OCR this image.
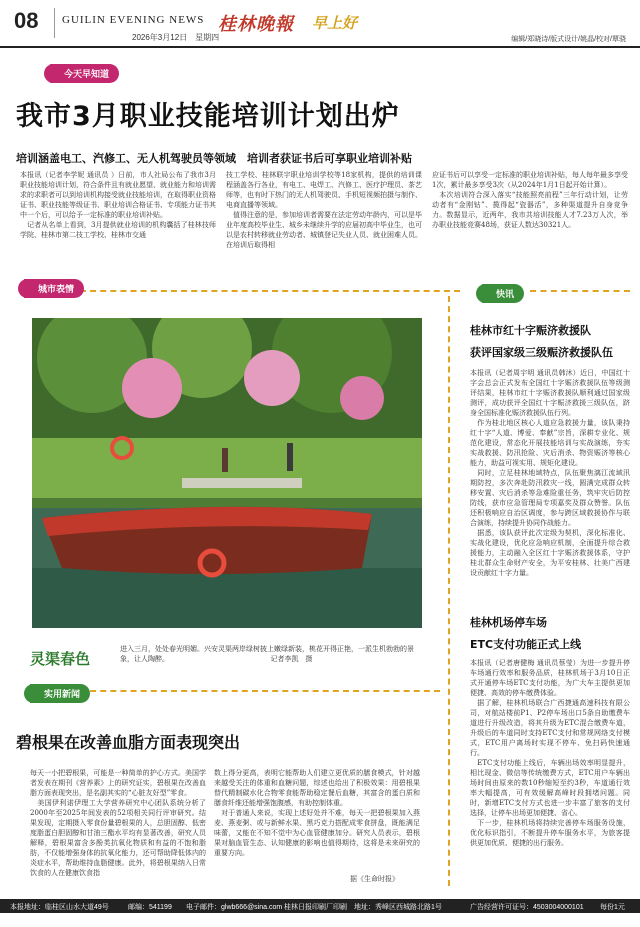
08 GUILIN EVENING NEWS
2026年3月12日　星期四
桂林晚報 早上好
编辑/郑晓诗/版式设计/姚晶/校对/覃骁
今天早知道
我市3月职业技能培训计划出炉
培训涵盖电工、汽修工、无人机驾驶员等领域　培训者获证书后可享职业培训补贴
本报讯（记者李学妮 通讯员 ）日前，市人社局公布了我市3月职业技能培训计划，符合条件且有就业愿望、就业能力和培训需求的求职者可以到培训机构接受就业技能培训，在取得职业资格证书、职业技能等级证书、职业培训合格证书、专项能力证书其中一个后，可以给予一定标准的职业培训补贴。
　记者从名单上看到，3月提供就业培训的机构囊括了桂林技师学院、桂林市第二技工学校、桂林市交通
技工学校、桂林联宇职业培训学校等18家机构，提供的培训课程涵盖各行各业，有电工、电焊工、汽修工、医疗护理员、茶艺师等，也有时下热门的无人机驾驶员、手机短视频拍摄与制作、电商直播等领域。
　值得注意的是，参加培训者需要在法定劳动年龄内，可以是毕业年度高校毕业生、城乡未继续升学的应届初高中毕业生，也可以是农村转移就业劳动者、城镇登记失业人员、就业困难人员。在培训后取得相
应证书后可以享受一定标准的职业培训补贴，每人每年最多享受1次，累计最多享受3次（从2024年1月1日起开始计算）。
　本次培训符合深入落实“技能照亮前程”三年行动计划，让劳动者有“金刚钻”、揽得起“瓷器活”，多种渠道提升自身竞争力。数据显示，近两年，我市共培训技能人才7.23万人次，举办职业技能竞赛48场，获证人数达30321人。
城市表情	快讯
灵渠春色
进入三月，处处春光明媚。兴安灵渠两岸绿树披上嫩绿新装，桃花开得正艳，一派生机勃勃的景象，让人陶醉。　　　　　　　　　　　　　　　记者李凯　摄
桂林市红十字赈济救援队
获评国家级三级赈济救援队伍
本报讯（记者周宇明 通讯员韩沐）近日，中国红十字会总会正式发布全国红十字赈济救援队伍等级测评结果，桂林市红十字赈济救援队顺利通过国家级测评，成功获评全国红十字赈济救援三级队伍，跻身全国标准化赈济救援队伍行列。
　作为桂北地区核心人道应急救援力量，该队秉持红十字“人道、博爱、奉献”宗旨，深耕专业化、规范化建设，常态化开展技能培训与实战演练，夯实实战救援、防汛抢险、灾后消杀、物资赈济等核心能力，助益可视实用、规矩化建设。
　同时，立足桂林地域特点，队伍聚焦漓江流域汛期防控，多次奔赴防汛救灾一线，圆满完成群众转移安置、灾后消杀等急难险重任务，筑牢灾后防控防线，获市应急管理局专项嘉奖及群众赞誉。队伍还积极响应自治区调度，参与跨区域救援协作与联合演练，持续提升协同作战能力。
　据悉，该队获评此次定级为契机，深化标准化、实战化建设，优化应急响应机制，全面提升综合救援能力，主动融入全区红十字赈济救援体系，守护桂北群众生命财产安全，为平安桂林、壮美广西建设贡献红十字力量。
桂林机场停车场
ETC支付功能正式上线
本报讯（记者唐健梅 通讯员蔡莹）为进一步提升停车场通行效率和服务品质，桂林机场于3月10日正式开通停车场ETC支付功能，为广大车主提供更加便捷、高效的停车缴费体验。
　据了解，桂林机场联合广西捷通高速科技有限公司，对航站楼前P1、P2停车场出口5条自助缴费车道进行升级改造，将其升级为ETC混合缴费车道，升级后的车道同时支持ETC支付和常规网络支付模式，ETC用户离场时实现不停车、免扫码快速通行。
　ETC支付功能上线后，车辆出场效率明显提升，相比现金、微信等传统缴费方式，ETC用户车辆出场时间由原来的数10秒缩短至约3秒，车道通行效率大幅提高，可有效缓解高峰时段拥堵问题。同时，新增ETC支付方式也进一步丰富了旅客的支付选择，让停车出场更加便捷、省心。
　下一步，桂林机场将持续完善停车场服务设施，优化标识指引，不断提升停车服务水平，为旅客提供更加优质、便捷的出行服务。
实用新闻
碧根果在改善血脂方面表现突出
每天一小把碧根果，可能是一种简单的护心方式。美国学者发表在期刊《营养素》上的研究证实，碧根果在改善血脂方面表现突出，是名副其实的“心脏友好型”零食。
　美国伊利诺伊理工大学营养研究中心团队系统分析了2000年至2025年间发表的52项相关同行评审研究。结果发现，定期摄入零食份量碧根果的人，总胆固醇、低密度脂蛋白胆固醇和甘油三酯水平均有显著改善，研究人员解释，碧根果富含多酚类抗氧化物质和有益的不饱和脂肪，不仅能增强身体的抗氧化能力，还可帮助降低体内的炎症水平，帮助维持血脂健康。此外，将碧根果纳入日常饮食的人在健康饮食指
数上得分更高，表明它能帮助人们建立更优质的膳食模式，针对越来越受关注的体重和血糖问题，综述也给出了积极效果：用碧根果替代精制碳水化合物零食能帮助稳定餐后血糖，其富含的蛋白质和膳食纤维还能增强饱腹感，有助控制体重。
　对于普通人来说，实现上述好处并不难，每天一把碧根果加入燕麦、燕麦粥、或与新鲜水果、黑巧克力搭配成零食拼盘，既能满足味蕾，又能在不知不觉中为心血管健康加分。研究人员表示，碧根果对脑血管生态、认知健康的影响也值得期待，这将是未来研究的重要方向。
据《生命时报》
本报地址：临桂区山水大道49号	邮编：541199 电子邮件：glwb666@sina.com 桂林日报印刷厂印刷　地址：秀峰区西城路北路1号	广告经营许可证号：4503004000101 每份1元
